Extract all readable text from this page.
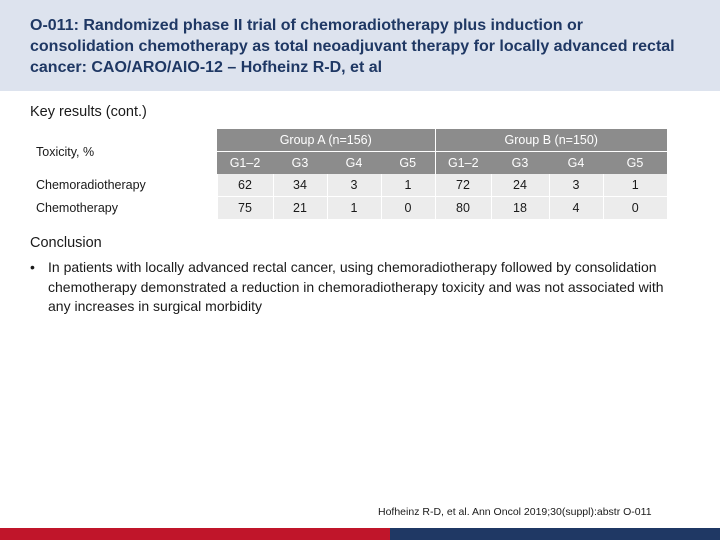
O-011: Randomized phase II trial of chemoradiotherapy plus induction or consolidation chemotherapy as total neoadjuvant therapy for locally advanced rectal cancer: CAO/ARO/AIO-12 – Hofheinz R-D, et al
Key results (cont.)
Toxicity, %	Group A (n=156)				Group B (n=150)			
	G1–2	G3	G4	G5	G1–2	G3	G4	G5
Chemoradiotherapy	62	34	3	1	72	24	3	1
Chemotherapy	75	21	1	0	80	18	4	0
Conclusion
• In patients with locally advanced rectal cancer, using chemoradiotherapy followed by consolidation chemotherapy demonstrated a reduction in chemoradiotherapy toxicity and was not associated with any increases in surgical morbidity
Hofheinz R-D, et al. Ann Oncol 2019;30(suppl):abstr O-011
